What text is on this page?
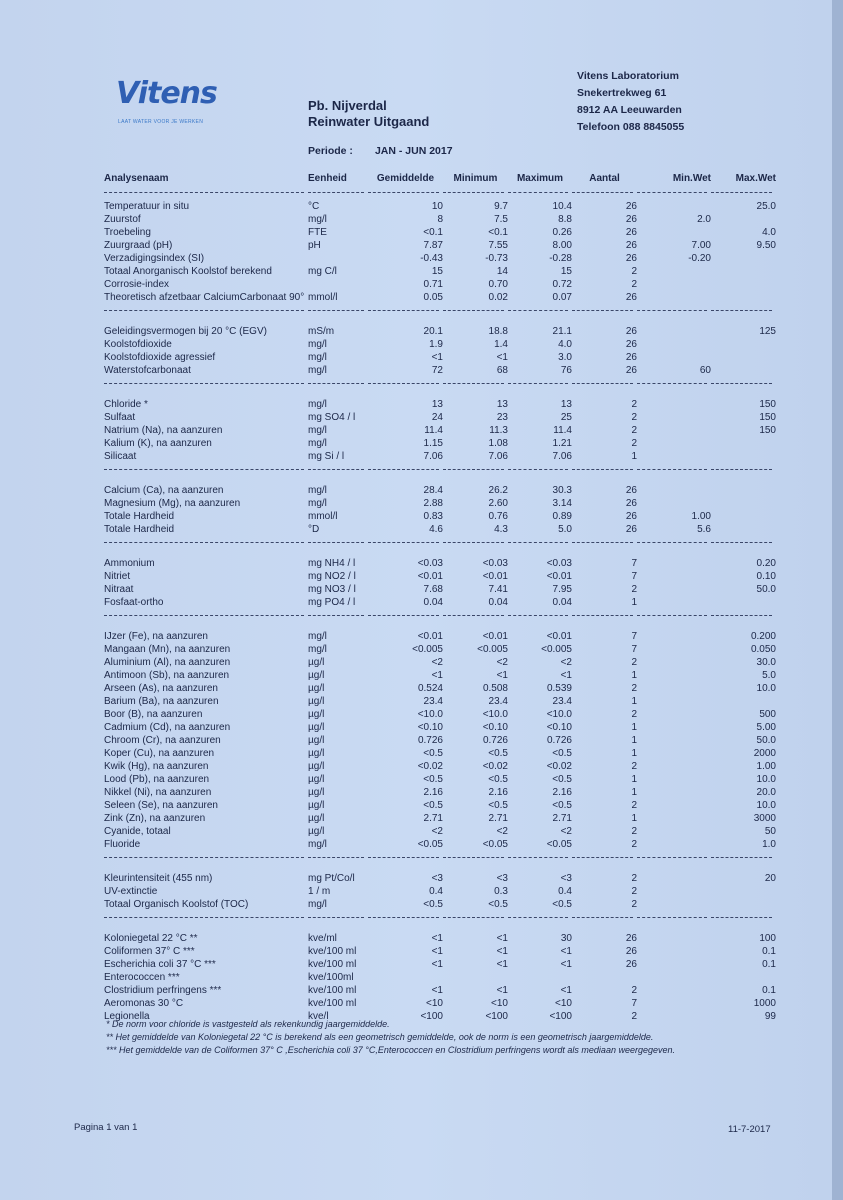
Vitens
LAAT WATER VOOR JE WERKEN
Pb. Nijverdal
Reinwater Uitgaand
Vitens Laboratorium
Snekertrekweg 61
8912 AA Leeuwarden
Telefoon 088 8845055
Periode : JAN - JUN 2017
Analysenaam	Eenheid	Gemiddelde	Minimum	Maximum	Aantal	Min.Wet	Max.Wet

Temperatuur in situ	°C	10	9.7	10.4	26		25.0
Zuurstof	mg/l	8	7.5	8.8	26	2.0	
Troebeling	FTE	<0.1	<0.1	0.26	26		4.0
Zuurgraad (pH)	pH	7.87	7.55	8.00	26	7.00	9.50
Verzadigingsindex (SI)		-0.43	-0.73	-0.28	26	-0.20	
Totaal Anorganisch Koolstof berekend	mg C/l	15	14	15	2		
Corrosie-index		0.71	0.70	0.72	2		
Theoretisch afzetbaar CalciumCarbonaat 90°	mmol/l	0.05	0.02	0.07	26		

Geleidingsvermogen bij 20 °C (EGV)	mS/m	20.1	18.8	21.1	26		125
Koolstofdioxide	mg/l	1.9	1.4	4.0	26		
Koolstofdioxide agressief	mg/l	<1	<1	3.0	26		
Waterstofcarbonaat	mg/l	72	68	76	26	60	

Chloride *	mg/l	13	13	13	2		150
Sulfaat	mg SO4 / l	24	23	25	2		150
Natrium (Na), na aanzuren	mg/l	11.4	11.3	11.4	2		150
Kalium (K), na aanzuren	mg/l	1.15	1.08	1.21	2		
Silicaat	mg Si / l	7.06	7.06	7.06	1		

Calcium (Ca), na aanzuren	mg/l	28.4	26.2	30.3	26		
Magnesium (Mg), na aanzuren	mg/l	2.88	2.60	3.14	26		
Totale Hardheid	mmol/l	0.83	0.76	0.89	26	1.00	
Totale Hardheid	°D	4.6	4.3	5.0	26	5.6	

Ammonium	mg NH4 / l	<0.03	<0.03	<0.03	7		0.20
Nitriet	mg NO2 / l	<0.01	<0.01	<0.01	7		0.10
Nitraat	mg NO3 / l	7.68	7.41	7.95	2		50.0
Fosfaat-ortho	mg PO4 / l	0.04	0.04	0.04	1		

IJzer (Fe), na aanzuren	mg/l	<0.01	<0.01	<0.01	7		0.200
Mangaan (Mn), na aanzuren	mg/l	<0.005	<0.005	<0.005	7		0.050
Aluminium (Al), na aanzuren	µg/l	<2	<2	<2	2		30.0
Antimoon (Sb), na aanzuren	µg/l	<1	<1	<1	1		5.0
Arseen (As), na aanzuren	µg/l	0.524	0.508	0.539	2		10.0
Barium (Ba), na aanzuren	µg/l	23.4	23.4	23.4	1		
Boor (B), na aanzuren	µg/l	<10.0	<10.0	<10.0	2		500
Cadmium (Cd), na aanzuren	µg/l	<0.10	<0.10	<0.10	1		5.00
Chroom (Cr), na aanzuren	µg/l	0.726	0.726	0.726	1		50.0
Koper (Cu), na aanzuren	µg/l	<0.5	<0.5	<0.5	1		2000
Kwik (Hg), na aanzuren	µg/l	<0.02	<0.02	<0.02	2		1.00
Lood (Pb), na aanzuren	µg/l	<0.5	<0.5	<0.5	1		10.0
Nikkel (Ni), na aanzuren	µg/l	2.16	2.16	2.16	1		20.0
Seleen (Se), na aanzuren	µg/l	<0.5	<0.5	<0.5	2		10.0
Zink (Zn), na aanzuren	µg/l	2.71	2.71	2.71	1		3000
Cyanide, totaal	µg/l	<2	<2	<2	2		50
Fluoride	mg/l	<0.05	<0.05	<0.05	2		1.0

Kleurintensiteit (455 nm)	mg Pt/Co/l	<3	<3	<3	2		20
UV-extinctie	1 / m	0.4	0.3	0.4	2		
Totaal Organisch Koolstof (TOC)	mg/l	<0.5	<0.5	<0.5	2		

Koloniegetal 22 °C **	kve/ml	<1	<1	30	26		100
Coliformen 37° C ***	kve/100 ml	<1	<1	<1	26		0.1
Escherichia coli 37 °C ***	kve/100 ml	<1	<1	<1	26		0.1
Enterococcen ***	kve/100ml						
Clostridium perfringens ***	kve/100 ml	<1	<1	<1	2		0.1
Aeromonas 30 °C	kve/100 ml	<10	<10	<10	7		1000
Legionella	kve/l	<100	<100	<100	2		99
* De norm voor chloride is vastgesteld als rekenkundig jaargemiddelde.
** Het gemiddelde van Koloniegetal 22 °C is berekend als een geometrisch gemiddelde, ook de norm is een geometrisch jaargemiddelde.
*** Het gemiddelde van de Coliformen 37° C ,Escherichia coli 37 °C,Enterococcen en Clostridium perfringens wordt als mediaan weergegeven.
Pagina 1 van 1	11-7-2017
